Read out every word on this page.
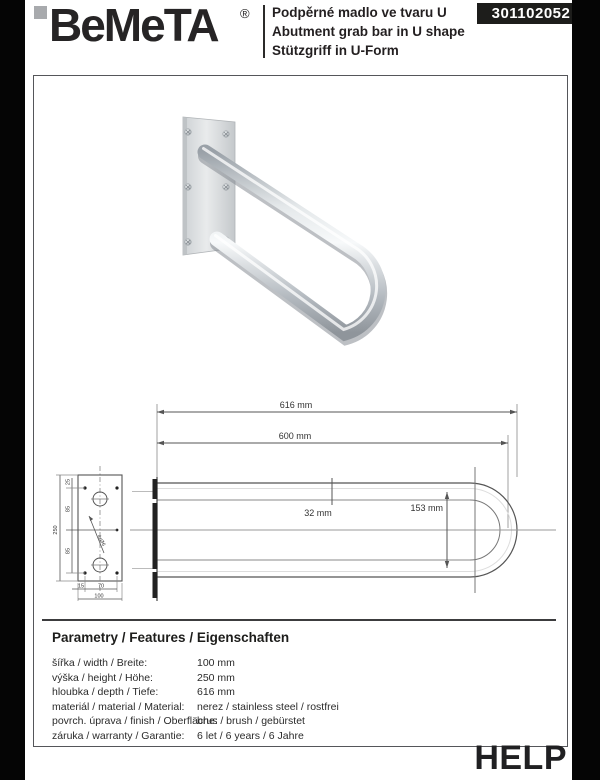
BeMeTA ® Podpěrné madlo ve tvaru U
Abutment grab bar in U shape
Stützgriff in U-Form
301102052
616 mm
600 mm
32 mm	153 mm
250
25
85
85
4xØ6
15	70
100
Parametry / Features / Eigenschaften
šířka / width / Breite:	100 mm
výška / height / Höhe:	250 mm
hloubka / depth / Tiefe:	616 mm
materiál / material / Material: nerez / stainless steel / rostfrei
povrch. úprava / finish / Oberfläche:
brus / brush / gebürstet
záruka / warranty / Garantie: 6 let / 6 years / 6 Jahre
HELP
